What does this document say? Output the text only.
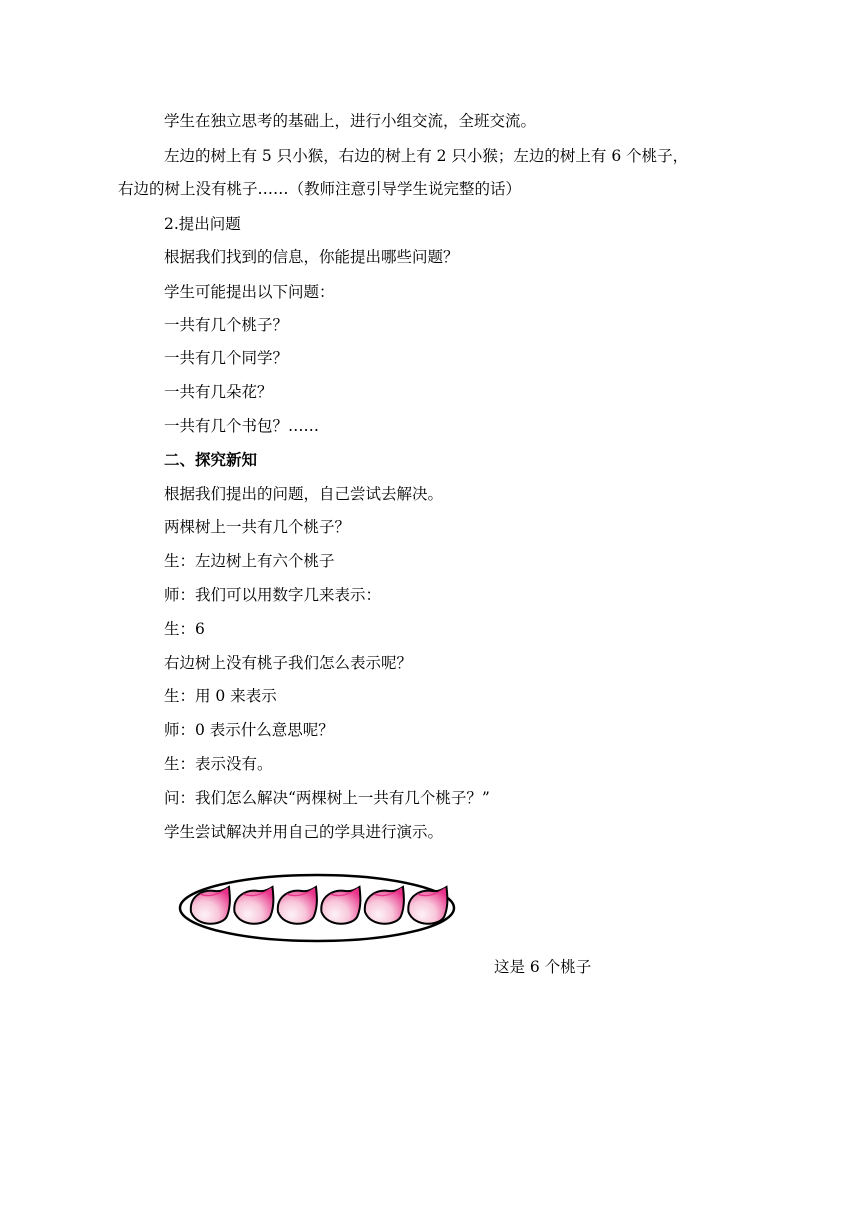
学生在独立思考的基础上，进行小组交流，全班交流。
左边的树上有 5 只小猴，右边的树上有 2 只小猴；左边的树上有 6 个桃子，
右边的树上没有桃子……（教师注意引导学生说完整的话）
2.提出问题
根据我们找到的信息，你能提出哪些问题？
学生可能提出以下问题：
一共有几个桃子？
一共有几个同学？
一共有几朵花？
一共有几个书包？……
二、探究新知
根据我们提出的问题，自己尝试去解决。
两棵树上一共有几个桃子？
生：左边树上有六个桃子
师：我们可以用数字几来表示：
生：6
右边树上没有桃子我们怎么表示呢？
生：用 0 来表示
师：0 表示什么意思呢？
生：表示没有。
问：我们怎么解决“两棵树上一共有几个桃子？”
学生尝试解决并用自己的学具进行演示。
这是 6 个桃子
